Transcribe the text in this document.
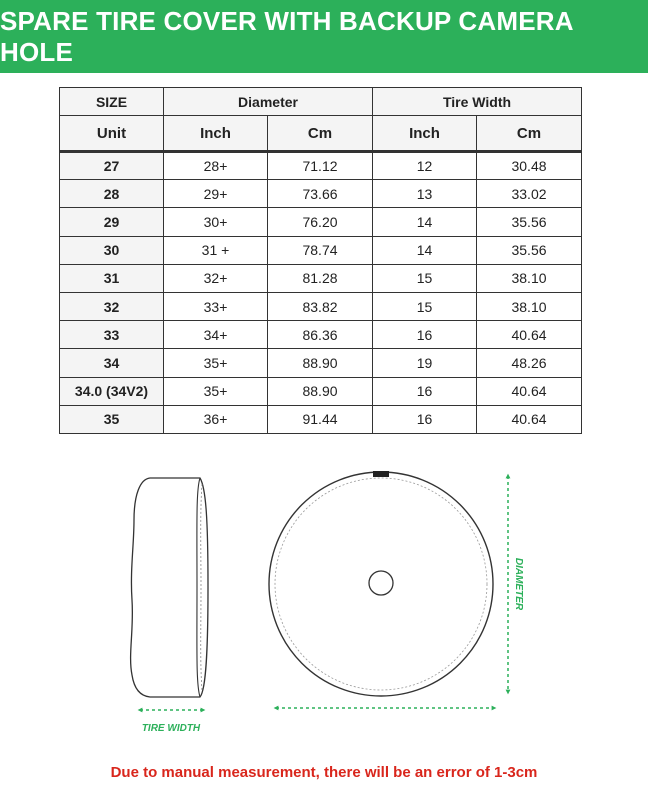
SPARE TIRE COVER WITH BACKUP CAMERA HOLE
SIZE	Diameter		Tire Width	
Unit	Inch	Cm	Inch	Cm
27	28+	71.12	12	30.48
28	29+	73.66	13	33.02
29	30+	76.20	14	35.56
30	31 +	78.74	14	35.56
31	32+	81.28	15	38.10
32	33+	83.82	15	38.10
33	34+	86.36	16	40.64
34	35+	88.90	19	48.26
34.0 (34V2)	35+	88.90	16	40.64
35	36+	91.44	16	40.64
TIRE WIDTH
DIAMETER
Due to manual measurement, there will be an error of 1-3cm
